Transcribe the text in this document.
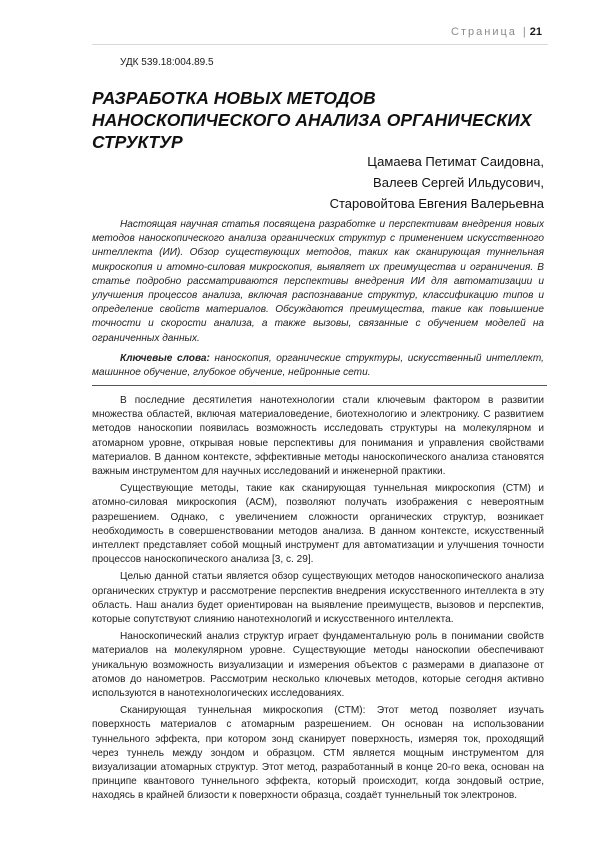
Страница | 21
УДК 539.18:004.89.5
РАЗРАБОТКА НОВЫХ МЕТОДОВ НАНОСКОПИЧЕСКОГО АНАЛИЗА ОРГАНИЧЕСКИХ СТРУКТУР
Цамаева Петимат Саидовна,
Валеев Сергей Ильдусович,
Старовойтова Евгения Валерьевна

Настоящая научная статья посвящена разработке и перспективам внедрения новых методов наноскопического анализа органических структур с применением искусственного интеллекта (ИИ). Обзор существующих методов, таких как сканирующая туннельная микроскопия и атомно-силовая микроскопия, выявляет их преимущества и ограничения. В статье подробно рассматриваются перспективы внедрения ИИ для автоматизации и улучшения процессов анализа, включая распознавание структур, классификацию типов и определение свойств материалов. Обсуждаются преимущества, такие как повышение точности и скорости анализа, а также вызовы, связанные с обучением моделей на ограниченных данных.

Ключевые слова: наноскопия, органические структуры, искусственный интеллект, машинное обучение, глубокое обучение, нейронные сети.

В последние десятилетия нанотехнологии стали ключевым фактором в развитии множества областей, включая материаловедение, биотехнологию и электронику. С развитием методов наноскопии появилась возможность исследовать структуры на молекулярном и атомарном уровне, открывая новые перспективы для понимания и управления свойствами материалов. В данном контексте, эффективные методы наноскопического анализа становятся важным инструментом для научных исследований и инженерной практики.

Существующие методы, такие как сканирующая туннельная микроскопия (СТМ) и атомно-силовая микроскопия (АСМ), позволяют получать изображения с невероятным разрешением. Однако, с увеличением сложности органических структур, возникает необходимость в совершенствовании методов анализа. В данном контексте, искусственный интеллект представляет собой мощный инструмент для автоматизации и улучшения точности процессов наноскопического анализа [3, с. 29].

Целью данной статьи является обзор существующих методов наноскопического анализа органических структур и рассмотрение перспектив внедрения искусственного интеллекта в эту область. Наш анализ будет ориентирован на выявление преимуществ, вызовов и перспектив, которые сопутствуют слиянию нанотехнологий и искусственного интеллекта.

Наноскопический анализ структур играет фундаментальную роль в понимании свойств материалов на молекулярном уровне. Существующие методы наноскопии обеспечивают уникальную возможность визуализации и измерения объектов с размерами в диапазоне от атомов до нанометров. Рассмотрим несколько ключевых методов, которые сегодня активно используются в нанотехнологических исследованиях.

Сканирующая туннельная микроскопия (СТМ): Этот метод позволяет изучать поверхность материалов с атомарным разрешением. Он основан на использовании туннельного эффекта, при котором зонд сканирует поверхность, измеряя ток, проходящий через туннель между зондом и образцом. СТМ является мощным инструментом для визуализации атомарных структур. Этот метод, разработанный в конце 20-го века, основан на принципе квантового туннельного эффекта, который происходит, когда зондовый острие, находясь в крайней близости к поверхности образца, создаёт туннельный ток электронов.
